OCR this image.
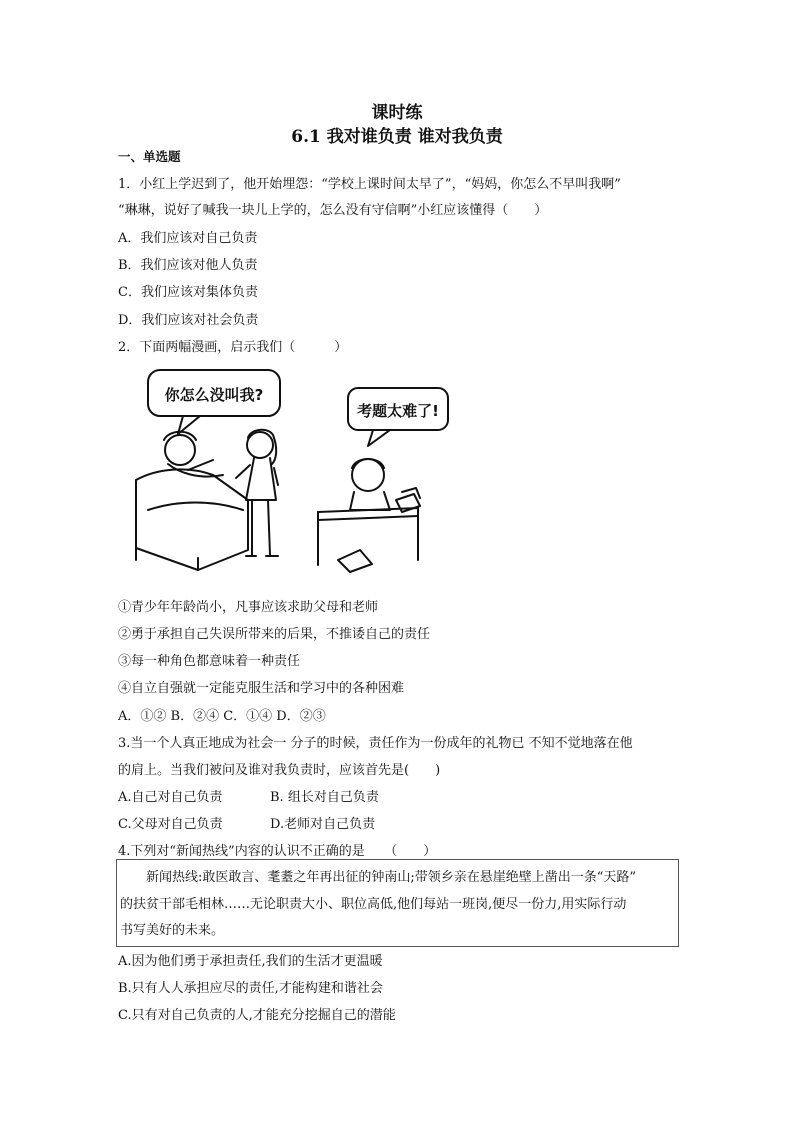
课时练
6.1 我对谁负责 谁对我负责
一、单选题
1．小红上学迟到了，他开始埋怨：“学校上课时间太早了”，“妈妈，你怎么不早叫我啊”
“琳琳，说好了喊我一块儿上学的，怎么没有守信啊”小红应该懂得（　　）
A．我们应该对自己负责
B．我们应该对他人负责
C．我们应该对集体负责
D．我们应该对社会负责
2．下面两幅漫画，启示我们（　　　）
你怎么没叫我?
考题太难了!
①青少年年龄尚小，凡事应该求助父母和老师
②勇于承担自己失误所带来的后果，不推诿自己的责任
③每一种角色都意味着一种责任
④自立自强就一定能克服生活和学习中的各种困难
A．①② B．②④ C．①④ D．②③
3.当一个人真正地成为社会一 分子的时候，责任作为一份成年的礼物已 不知不觉地落在他
的肩上。当我们被问及谁对我负责时，应该首先是(　　)
A.自己对自己负责	B. 组长对自己负责
C.父母对自己负责	D.老师对自己负责
4.下列对“新闻热线”内容的认识不正确的是　　（　　）
　　新闻热线:敢医敢言、耄耋之年再出征的钟南山;带领乡亲在悬崖绝壁上凿出一条“天路”
的扶贫干部毛相林……无论职责大小、职位高低,他们每站一班岗,便尽一份力,用实际行动
书写美好的未来。
A.因为他们勇于承担责任,我们的生活才更温暖
B.只有人人承担应尽的责任,才能构建和谐社会
C.只有对自己负责的人,才能充分挖掘自己的潜能
